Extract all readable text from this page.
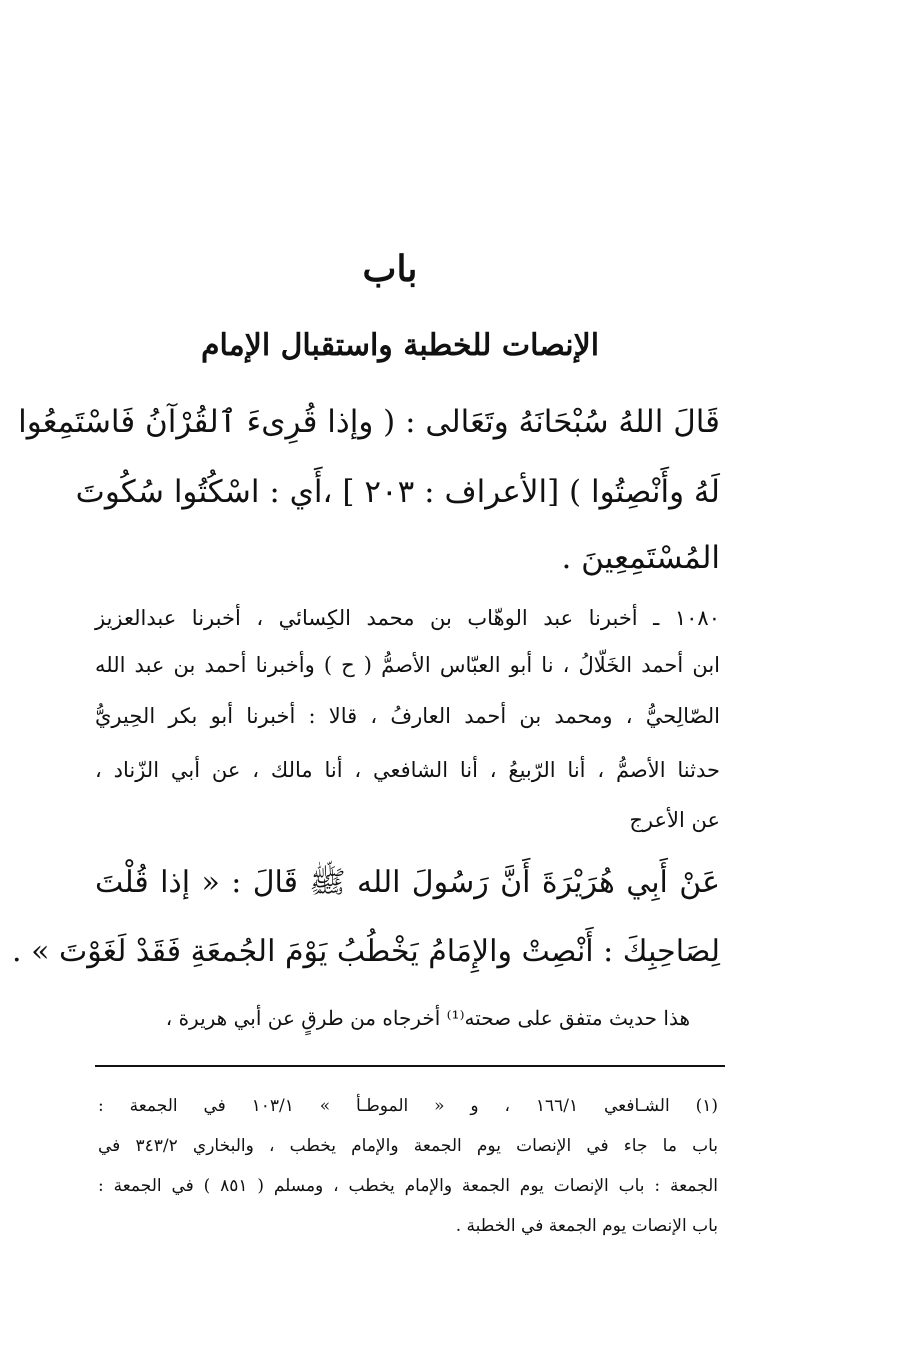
باب
الإنصات للخطبة واستقبال الإمام
قَالَ اللهُ سُبْحَانَهُ وتَعَالى : ( وإذا قُرِىءَ ٱلقُرْآنُ فَاسْتَمِعُوا
لَهُ وأَنْصِتُوا ) [الأعراف : ٢٠٣ ] ،أَي : اسْكُتُوا سُكُوتَ
المُسْتَمِعِينَ .
١٠٨٠ ـ أخبرنا عبد الوهّاب بن محمد الكِسائي ، أخبرنا عبدالعزيز
ابن أحمد الخَلّالُ ، نا أبو العبّاس الأصمُّ ( ح ) وأخبرنا أحمد بن عبد الله
الصّالِحيُّ ، ومحمد بن أحمد العارفُ ، قالا : أخبرنا أبو بكر الحِيريُّ
حدثنا الأصمُّ ، أنا الرّبيعُ ، أنا الشافعي ، أنا مالك ، عن أبي الزّناد ،
عن الأعرج
عَنْ أَبِي هُرَيْرَةَ أَنَّ رَسُولَ الله ﷺ قَالَ : « إذا قُلْتَ
لِصَاحِبِكَ : أَنْصِتْ والإِمَامُ يَخْطُبُ يَوْمَ الجُمعَةِ فَقَدْ لَغَوْتَ » .
هذا حديث متفق على صحته⁽¹⁾ أخرجاه من طرقٍ عن أبي هريرة ،
(١) الشـافعي ١٦٦/١ ، و « الموطـأ » ١٠٣/١ في الجمعة :
باب ما جاء في الإنصات يوم الجمعة والإمام يخطب ، والبخاري ٣٤٣/٢ في
الجمعة : باب الإنصات يوم الجمعة والإمام يخطب ، ومسلم ( ٨٥١ ) في الجمعة :
باب الإنصات يوم الجمعة في الخطبة .
